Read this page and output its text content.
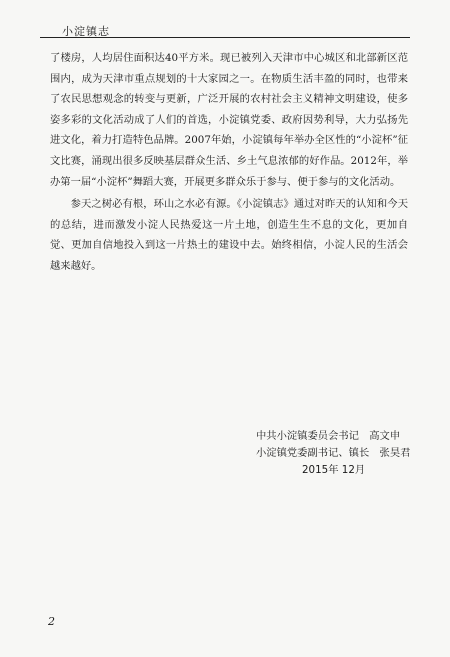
小淀镇志

了楼房，人均居住面积达40平方米。现已被列入天津市中心城区和北部新区范围内，成为天津市重点规划的十大家园之一。在物质生活丰盈的同时，也带来了农民思想观念的转变与更新，广泛开展的农村社会主义精神文明建设，使多姿多彩的文化活动成了人们的首选，小淀镇党委、政府因势利导，大力弘扬先进文化，着力打造特色品牌。2007年始，小淀镇每年举办全区性的“小淀杯”征文比赛，涌现出很多反映基层群众生活、乡土气息浓郁的好作品。2012年，举办第一届“小淀杯”舞蹈大赛，开展更多群众乐于参与、便于参与的文化活动。

参天之树必有根，环山之水必有源。《小淀镇志》通过对昨天的认知和今天的总结，进而激发小淀人民热爱这一片土地，创造生生不息的文化，更加自觉、更加自信地投入到这一片热土的建设中去。始终相信，小淀人民的生活会越来越好。

中共小淀镇委员会书记　高文申
小淀镇党委副书记、镇长　张昊君
2015年 12月
2
